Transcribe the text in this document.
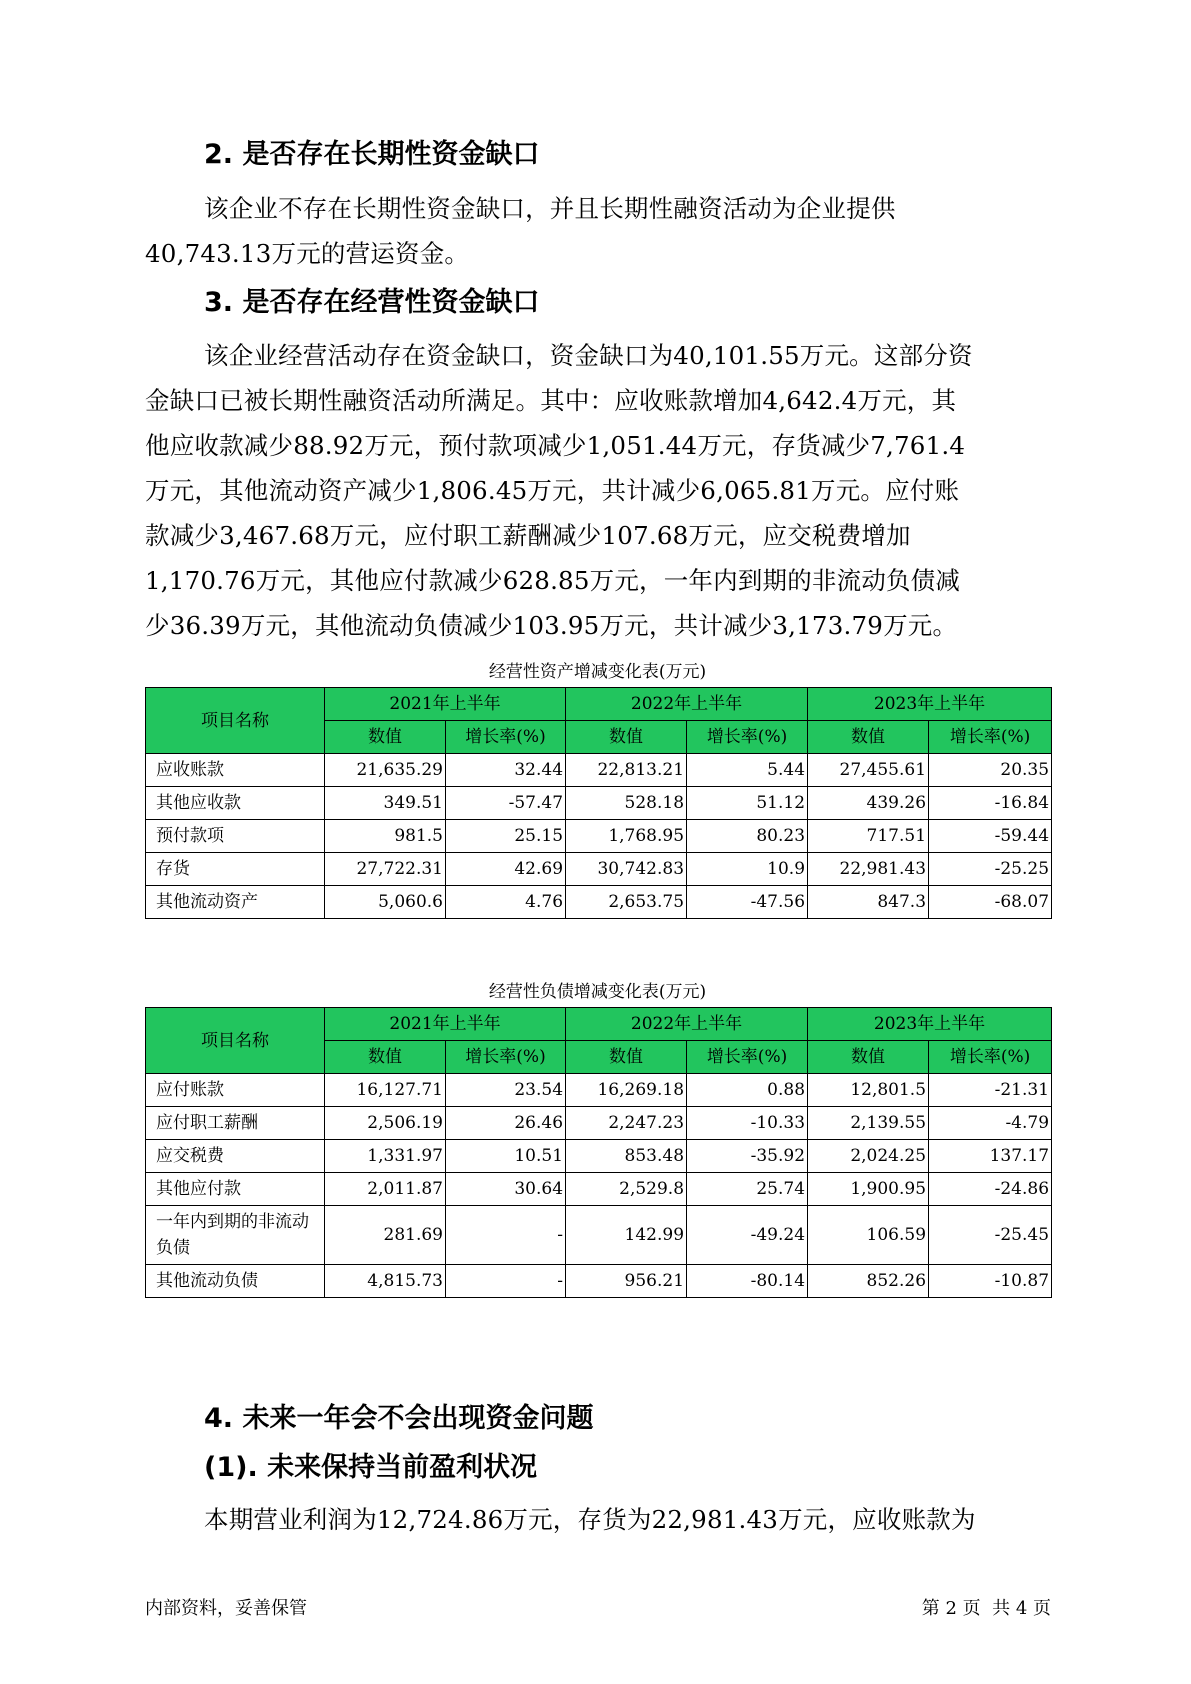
2. 是否存在长期性资金缺口
该企业不存在长期性资金缺口，并且长期性融资活动为企业提供
40,743.13万元的营运资金。
3. 是否存在经营性资金缺口
该企业经营活动存在资金缺口，资金缺口为40,101.55万元。这部分资
金缺口已被长期性融资活动所满足。其中：应收账款增加4,642.4万元，其
他应收款减少88.92万元，预付款项减少1,051.44万元，存货减少7,761.4
万元，其他流动资产减少1,806.45万元，共计减少6,065.81万元。应付账
款减少3,467.68万元，应付职工薪酬减少107.68万元，应交税费增加
1,170.76万元，其他应付款减少628.85万元，一年内到期的非流动负债减
少36.39万元，其他流动负债减少103.95万元，共计减少3,173.79万元。
经营性资产增减变化表(万元)
项目名称	2021年上半年		2022年上半年		2023年上半年	
	数值	增长率(%)	数值	增长率(%)	数值	增长率(%)
应收账款	21,635.29	32.44	22,813.21	5.44	27,455.61	20.35
其他应收款	349.51	-57.47	528.18	51.12	439.26	-16.84
预付款项	981.5	25.15	1,768.95	80.23	717.51	-59.44
存货	27,722.31	42.69	30,742.83	10.9	22,981.43	-25.25
其他流动资产	5,060.6	4.76	2,653.75	-47.56	847.3	-68.07
经营性负债增减变化表(万元)
项目名称	2021年上半年		2022年上半年		2023年上半年	
	数值	增长率(%)	数值	增长率(%)	数值	增长率(%)
应付账款	16,127.71	23.54	16,269.18	0.88	12,801.5	-21.31
应付职工薪酬	2,506.19	26.46	2,247.23	-10.33	2,139.55	-4.79
应交税费	1,331.97	10.51	853.48	-35.92	2,024.25	137.17
其他应付款	2,011.87	30.64	2,529.8	25.74	1,900.95	-24.86
一年内到期的非流动负债	281.69	-	142.99	-49.24	106.59	-25.45
其他流动负债	4,815.73	-	956.21	-80.14	852.26	-10.87
4. 未来一年会不会出现资金问题
(1). 未来保持当前盈利状况
本期营业利润为12,724.86万元，存货为22,981.43万元，应收账款为
内部资料，妥善保管	第 2 页  共 4 页
